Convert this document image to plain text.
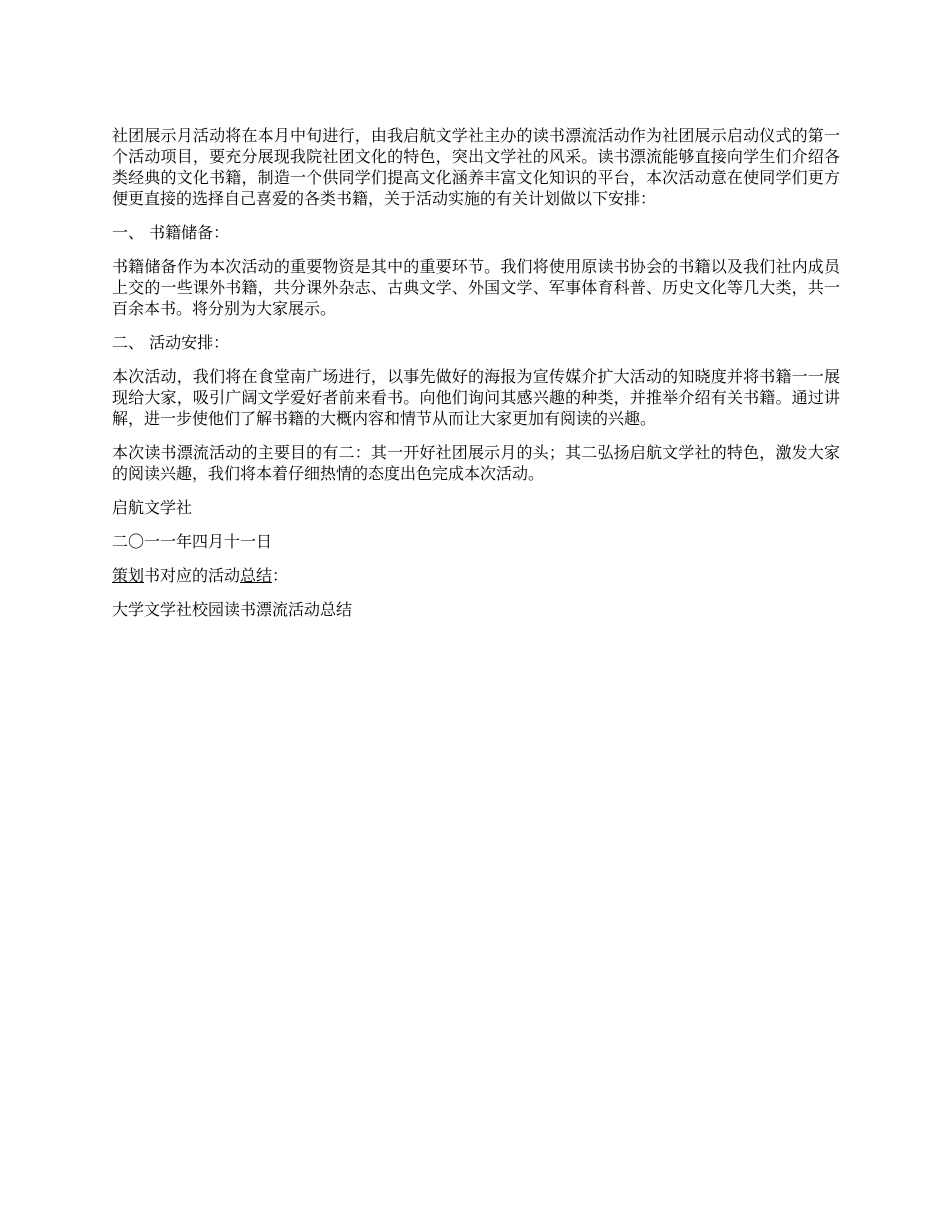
社团展示月活动将在本月中旬进行，由我启航文学社主办的读书漂流活动作为社团展示启动仪式的第一个活动项目，要充分展现我院社团文化的特色，突出文学社的风采。读书漂流能够直接向学生们介绍各类经典的文化书籍，制造一个供同学们提高文化涵养丰富文化知识的平台，本次活动意在使同学们更方便更直接的选择自己喜爱的各类书籍，关于活动实施的有关计划做以下安排：

一、 书籍储备：

书籍储备作为本次活动的重要物资是其中的重要环节。我们将使用原读书协会的书籍以及我们社内成员上交的一些课外书籍，共分课外杂志、古典文学、外国文学、军事体育科普、历史文化等几大类，共一百余本书。将分别为大家展示。

二、 活动安排：

本次活动，我们将在食堂南广场进行，以事先做好的海报为宣传媒介扩大活动的知晓度并将书籍一一展现给大家，吸引广阔文学爱好者前来看书。向他们询问其感兴趣的种类，并推举介绍有关书籍。通过讲解，进一步使他们了解书籍的大概内容和情节从而让大家更加有阅读的兴趣。

本次读书漂流活动的主要目的有二：其一开好社团展示月的头；其二弘扬启航文学社的特色，激发大家的阅读兴趣，我们将本着仔细热情的态度出色完成本次活动。

启航文学社

二〇一一年四月十一日

策划书对应的活动总结：

大学文学社校园读书漂流活动总结
